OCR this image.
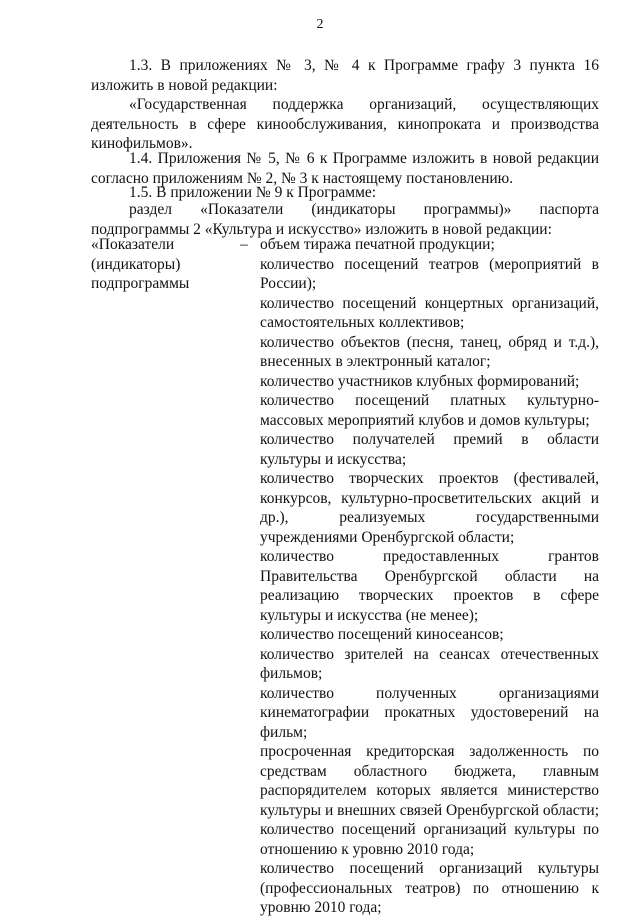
2

1.3. В приложениях № 3, № 4 к Программе графу 3 пункта 16 изложить в новой редакции:

«Государственная поддержка организаций, осуществляющих деятельность в сфере кинообслуживания, кинопроката и производства кинофильмов».

1.4. Приложения № 5, № 6 к Программе изложить в новой редакции согласно приложениям № 2, № 3 к настоящему постановлению.

1.5. В приложении № 9 к Программе:

раздел «Показатели (индикаторы программы)» паспорта подпрограммы 2 «Культура и искусство» изложить в новой редакции:

«Показатели (индикаторы) подпрограммы

– объем тиража печатной продукции;

количество посещений театров (мероприятий в России);

количество посещений концертных организаций, самостоятельных коллективов;

количество объектов (песня, танец, обряд и т.д.), внесенных в электронный каталог;

количество участников клубных формирований;

количество посещений платных культурно-массовых мероприятий клубов и домов культуры;

количество получателей премий в области культуры и искусства;

количество творческих проектов (фестивалей, конкурсов, культурно-просветительских акций и др.), реализуемых государственными учреждениями Оренбургской области;

количество предоставленных грантов Правительства Оренбургской области на реализацию творческих проектов в сфере культуры и искусства (не менее);

количество посещений киносеансов;

количество зрителей на сеансах отечественных фильмов;

количество полученных организациями кинематографии прокатных удостоверений на фильм;

просроченная кредиторская задолженность по средствам областного бюджета, главным распорядителем которых является министерство культуры и внешних связей Оренбургской области;

количество посещений организаций культуры по отношению к уровню 2010 года;

количество посещений организаций культуры (профессиональных театров) по отношению к уровню 2010 года;
